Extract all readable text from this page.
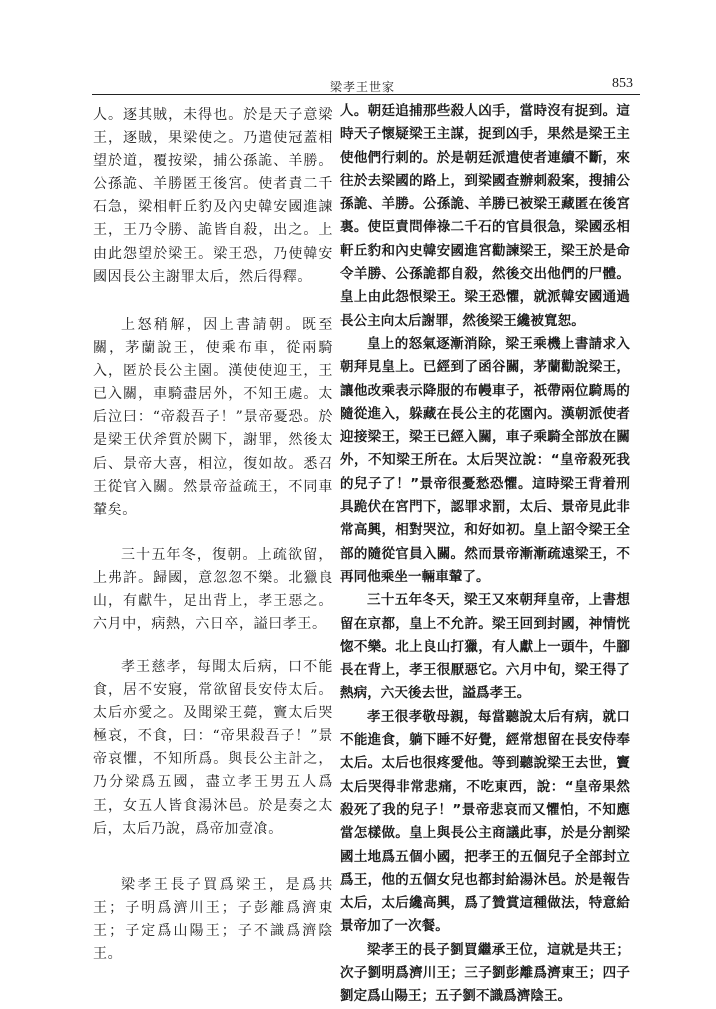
梁孝王世家	853

人。逐其賊，未得也。於是天子意梁王，逐賊，果梁使之。乃遣使冠蓋相望於道，覆按梁，捕公孫詭、羊勝。公孫詭、羊勝匿王後宮。使者責二千石急，梁相軒丘豹及內史韓安國進諫王，王乃令勝、詭皆自殺，出之。上由此怨望於梁王。梁王恐，乃使韓安國因長公主謝罪太后，然后得釋。

上怒稍解，因上書請朝。既至關，茅蘭說王，使乘布車，從兩騎入，匿於長公主園。漢使使迎王，王已入關，車騎盡居外，不知王處。太后泣曰：“帝殺吾子！”景帝憂恐。於是梁王伏斧質於闕下，謝罪，然後太后、景帝大喜，相泣，復如故。悉召王從官入關。然景帝益疏王，不同車輦矣。

三十五年冬，復朝。上疏欲留，上弗許。歸國，意忽忽不樂。北獵良山，有獻牛，足出背上，孝王惡之。六月中，病熱，六日卒，謚曰孝王。

孝王慈孝，每聞太后病，口不能食，居不安寢，常欲留長安侍太后。太后亦愛之。及聞梁王薨，竇太后哭極哀，不食，曰：“帝果殺吾子！”景帝哀懼，不知所爲。與長公主計之，乃分梁爲五國，盡立孝王男五人爲王，女五人皆食湯沐邑。於是奏之太后，太后乃說，爲帝加壹飡。

梁孝王長子買爲梁王，是爲共王；子明爲濟川王；子彭離爲濟東王；子定爲山陽王；子不識爲濟陰王。

人。朝廷追捕那些殺人凶手，當時沒有捉到。這時天子懷疑梁王主謀，捉到凶手，果然是梁王主使他們行刺的。於是朝廷派遣使者連續不斷，來往於去梁國的路上，到梁國查辦刺殺案，搜捕公孫詭、羊勝。公孫詭、羊勝已被梁王藏匿在後宮裏。使臣責問俸祿二千石的官員很急，梁國丞相軒丘豹和內史韓安國進宮勸諫梁王，梁王於是命令羊勝、公孫詭都自殺，然後交出他們的尸體。皇上由此怨恨梁王。梁王恐懼，就派韓安國通過長公主向太后謝罪，然後梁王纔被寬恕。

皇上的怒氣逐漸消除，梁王乘機上書請求入朝拜見皇上。已經到了函谷關，茅蘭勸說梁王，讓他改乘表示降服的布幔車子，祇帶兩位騎馬的隨從進入，躲藏在長公主的花園內。漢朝派使者迎接梁王，梁王已經入關，車子乘騎全部放在關外，不知梁王所在。太后哭泣說：“皇帝殺死我的兒子了！”景帝很憂愁恐懼。這時梁王背着刑具跪伏在宮門下，認罪求罰，太后、景帝見此非常高興，相對哭泣，和好如初。皇上詔令梁王全部的隨從官員入關。然而景帝漸漸疏遠梁王，不再同他乘坐一輛車輦了。

三十五年冬天，梁王又來朝拜皇帝，上書想留在京都，皇上不允許。梁王回到封國，神情恍惚不樂。北上良山打獵，有人獻上一頭牛，牛腳長在背上，孝王很厭惡它。六月中旬，梁王得了熱病，六天後去世，謚爲孝王。

孝王很孝敬母親，每當聽說太后有病，就口不能進食，躺下睡不好覺，經常想留在長安侍奉太后。太后也很疼愛他。等到聽說梁王去世，竇太后哭得非常悲痛，不吃東西，說：“皇帝果然殺死了我的兒子！”景帝悲哀而又懼怕，不知應當怎樣做。皇上與長公主商議此事，於是分割梁國土地爲五個小國，把孝王的五個兒子全部封立爲王，他的五個女兒也都封給湯沐邑。於是報告太后，太后纔高興，爲了贊賞這種做法，特意給景帝加了一次餐。

梁孝王的長子劉買繼承王位，這就是共王；次子劉明爲濟川王；三子劉彭離爲濟東王；四子劉定爲山陽王；五子劉不識爲濟陰王。
